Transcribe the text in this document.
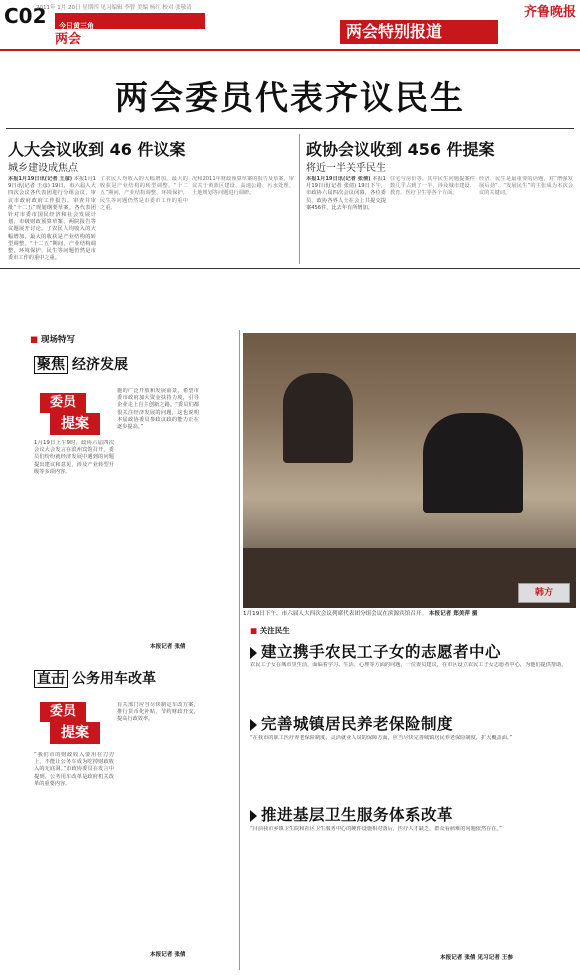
C02
2011年 1月 20日 星期四 见习编辑 李智 美编 杨红 校对 张敬清
今日黄三角
两会	两会特别报道
齐鲁晚报
两会委员代表齐议民生
人大会议收到 46 件议案
城乡建设成焦点
本报1月19日讯(记者 王彦) 本报1月19日讯(记者 王彦) 19日，市六届人大四次会议各代表团进行分组会议，审议市政府政府工作报告，审查并审批“十二五”规划纲要草案。各代表团针对市委市国民经济和社会发展计划、市级财政预算草案、两院报告等议题展开讨论。了农民人均收入的大幅增加，最大的收获是产业结构的转型调整。“十二五”期间，产业结构调整，环境保护，民生等问题仍然是市委市工作的重中之重。
了农民人均收入的大幅增加，最大的收获是产业结构的转型调整。“十二五”期间，产业结构调整，环境保护，民生等问题仍然是市委市工作的重中之重。
况和2011年财政预算草案的报告及草案，审议关于黄蓝区建设、高速公路、污水处理、土地规划等问题进行调研。
政协会议收到 456 件提案
将近一半关乎民生
本报1月19日讯(记者 张倩) 本报1月19日讯(记者 张倩) 19日下午，市政协六届四次会议闭幕，各位委员、政协各界人士在会上共提交提案456件，比去年有所增加。
住宅与房价等。其中民生问题提案件数几乎占到了一半，涉及城市建设、教育、医疗卫生等各个方面。
经济、民生是最重要的话题，对“增强发展后劲”、“发展民生”的主张成为本次会议的关键词。
■ 现场特写
聚焦 经济发展
委员
提案
1月19日上午9时，政协六届四次会议大会发言在滨州宾馆召开。委员们纷纷就经济发展中遇到的问题提出建议和意见，涉及产业转型升级等多项内容。
施的广泛开放和发展前景，希望市委市政府加大资金扶持力度，引导企业走上自主创新之路。“委员们都很关注经济发展的问题，这也说明本届政协委员参政议政的能力正在逐步提高。”
本报记者 张倩
直击 公务用车改革
委员
提案
“我们市的财政收入要用在刀刃上，不能让公务车成为吃掉财政收入的无底洞。”市政协委员在发言中提到，公务用车改革是政府机关改革的重要内容。
有关部门应当尽快制定车改方案，推行货币化补贴，节约财政开支，提高行政效率。
本报记者 张倩
韩方
1月19日下午，市六届人大四次会议列席代表团分组会议在滨源宾馆召开。 本报记者 郑美萍 摄
■ 关注民生
建立携手农民工子女的志愿者中心
农民工子女在城市里生活，面临着学习、生活、心理等方面的问题，一位委员建议，在市区设立农民工子女志愿者中心，为他们提供帮助。
完善城镇居民养老保险制度
“在我市的职工医疗养老保险制度、灵活就业人员的保障方面，应当尽快完善城镇居民养老保险制度，扩大覆盖面。”
推进基层卫生服务体系改革
“目前我市乡镇卫生院和社区卫生服务中心的硬件设施相对落后，医疗人才缺乏，群众看病难的问题依然存在。”
本报记者 张倩 见习记者 王参
